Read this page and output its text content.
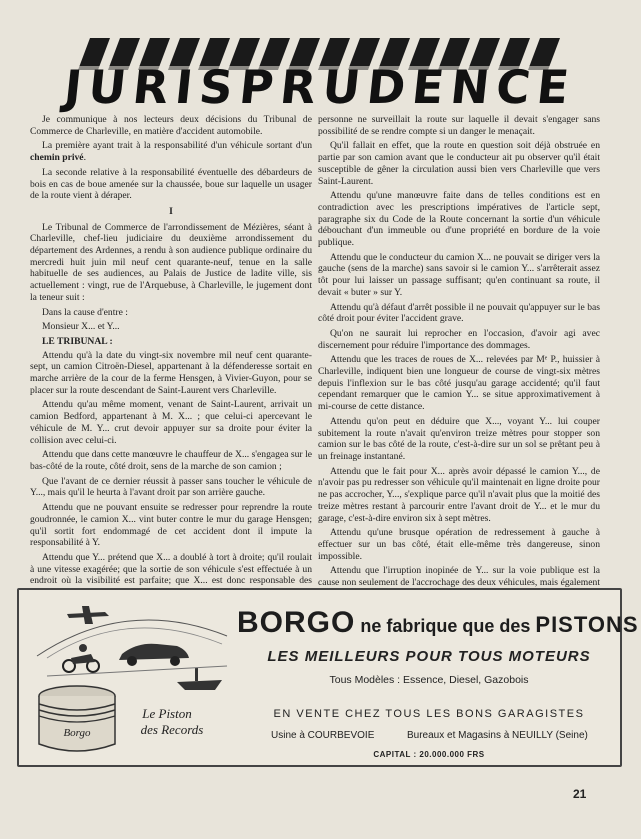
JURISPRUDENCE

Je communique à nos lecteurs deux décisions du Tribunal de Commerce de Charleville, en matière d'accident automobile.

La première ayant trait à la responsabilité d'un véhicule sortant d'un chemin privé.

La seconde relative à la responsabilité éventuelle des débardeurs de bois en cas de boue amenée sur la chaussée, boue sur laquelle un usager de la route vient à déraper.

I

Le Tribunal de Commerce de l'arrondissement de Mézières, séant à Charleville, chef-lieu judiciaire du deuxième arrondissement du département des Ardennes, a rendu à son audience publique ordinaire du mercredi huit juin mil neuf cent quarante-neuf, tenue en la salle habituelle de ses audiences, au Palais de Justice de ladite ville, sis actuellement : vingt, rue de l'Arquebuse, à Charleville, le jugement dont la teneur suit :

Dans la cause d'entre :

Monsieur X... et Y...

LE TRIBUNAL :

Attendu qu'à la date du vingt-six novembre mil neuf cent quarante-sept, un camion Citroën-Diesel, appartenant à la défenderesse sortait en marche arrière de la cour de la ferme Hensgen, à Vivier-Guyon, pour se placer sur la route descendant de Saint-Laurent vers Charleville.

Attendu qu'au même moment, venant de Saint-Laurent, arrivait un camion Bedford, appartenant à M. X... ; que celui-ci apercevant le véhicule de M. Y... crut devoir appuyer sur sa droite pour éviter la collision avec celui-ci.

Attendu que dans cette manœuvre le chauffeur de X... s'engagea sur le bas-côté de la route, côté droit, sens de la marche de son camion ;

Que l'avant de ce dernier réussit à passer sans toucher le véhicule de Y..., mais qu'il le heurta à l'avant droit par son arrière gauche.

Attendu que ne pouvant ensuite se redresser pour reprendre la route goudronnée, le camion X... vint buter contre le mur du garage Hensgen; qu'il sortit fort endommagé de cet accident dont il impute la responsabilité à Y.

Attendu que Y... prétend que X... a doublé à tort à droite; qu'il roulait à une vitesse exagérée; que la sortie de son véhicule s'est effectuée à un endroit où la visibilité est parfaite; que X... est donc responsable des

personne ne surveillait la route sur laquelle il devait s'engager sans possibilité de se rendre compte si un danger le menaçait.

Qu'il fallait en effet, que la route en question soit déjà obstruée en partie par son camion avant que le conducteur ait pu observer qu'il était susceptible de gêner la circulation aussi bien vers Charleville que vers Saint-Laurent.

Attendu qu'une manœuvre faite dans de telles conditions est en contradiction avec les prescriptions impératives de l'article sept, paragraphe six du Code de la Route concernant la sortie d'un véhicule débouchant d'un immeuble ou d'une propriété en bordure de la voie publique.

Attendu que le conducteur du camion X... ne pouvait se diriger vers la gauche (sens de la marche) sans savoir si le camion Y... s'arrêterait assez tôt pour lui laisser un passage suffisant; qu'en continuant sa route, il devait « buter » sur Y.

Attendu qu'à défaut d'arrêt possible il ne pouvait qu'appuyer sur le bas côté droit pour éviter l'accident grave.

Qu'on ne saurait lui reprocher en l'occasion, d'avoir agi avec discernement pour réduire l'importance des dommages.

Attendu que les traces de roues de X... relevées par Mᵉ P., huissier à Charleville, indiquent bien une longueur de course de vingt-six mètres depuis l'inflexion sur le bas côté jusqu'au garage accidenté; qu'il faut cependant remarquer que le camion Y... se situe approximativement à mi-course de cette distance.

Attendu qu'on peut en déduire que X..., voyant Y... lui couper subitement la route n'avait qu'environ treize mètres pour stopper son camion sur le bas côté de la route, c'est-à-dire sur un sol se prêtant peu à un freinage instantané.

Attendu que le fait pour X... après avoir dépassé le camion Y..., de n'avoir pas pu redresser son véhicule qu'il maintenait en ligne droite pour ne pas accrocher, Y..., s'explique parce qu'il n'avait plus que la moitié des treize mètres restant à parcourir entre l'avant droit de Y... et le mur du garage, c'est-à-dire environ six à sept mètres.

Attendu qu'une brusque opération de redressement à gauche à effectuer sur un bas côté, était elle-même très dangereuse, sinon impossible.

Attendu que l'irruption inopinée de Y... sur la voie publique est la cause non seulement de l'accrochage des deux véhicules, mais également

Borgo
Le Piston
des Records
BORGO ne fabrique que des PISTONS
LES MEILLEURS POUR TOUS MOTEURS
Tous Modèles : Essence, Diesel, Gazobois
EN VENTE CHEZ TOUS LES BONS GARAGISTES
Usine à COURBEVOIE	Bureaux et Magasins à NEUILLY (Seine)
CAPITAL : 20.000.000 FRS
21
